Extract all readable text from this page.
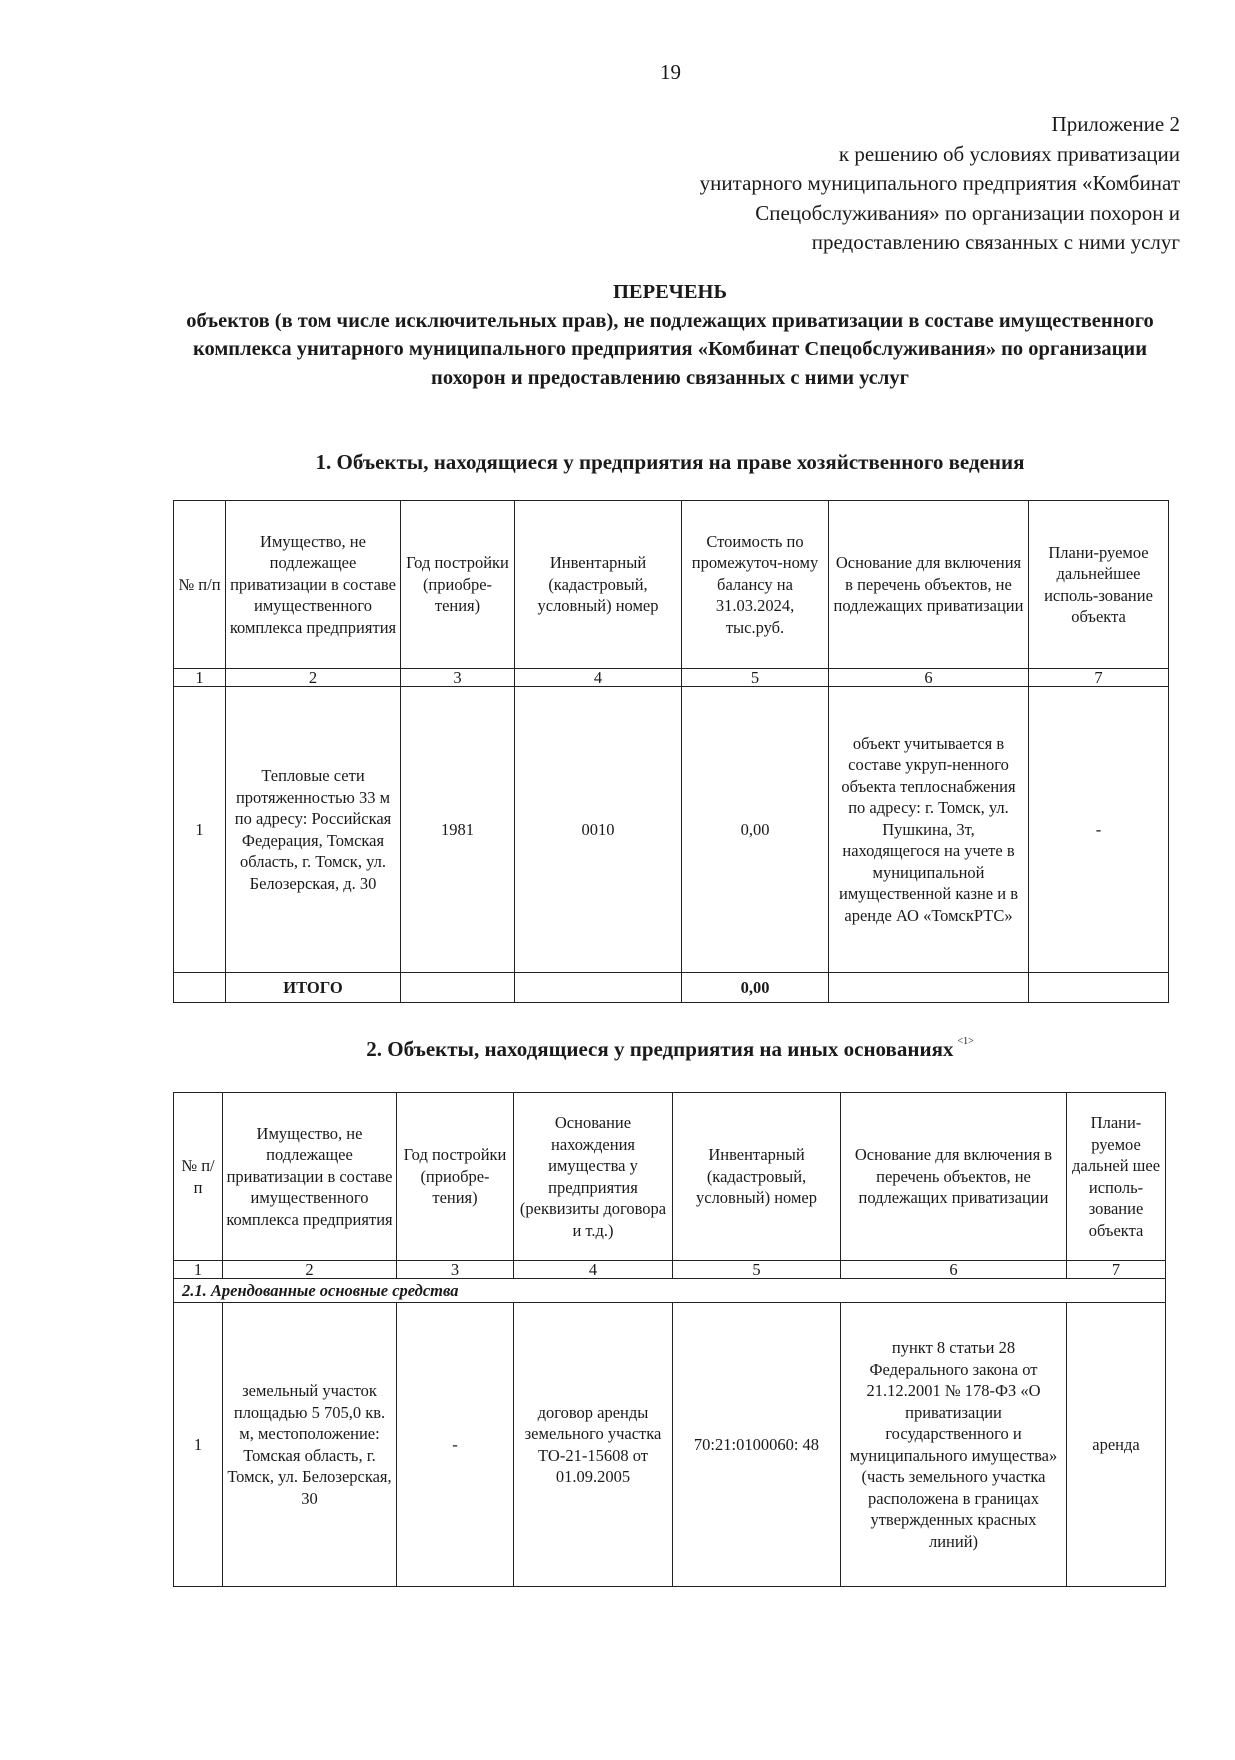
19
Приложение 2
к решению об условиях приватизации
унитарного муниципального предприятия «Комбинат
Спецобслуживания» по организации похорон и
предоставлению связанных с ними услуг
ПЕРЕЧЕНЬ
объектов (в том числе исключительных прав), не подлежащих приватизации в составе имущественного комплекса унитарного муниципального предприятия «Комбинат Спецобслуживания» по организации похорон и предоставлению связанных с ними услуг
1. Объекты, находящиеся у предприятия на праве хозяйственного ведения
№ п/п	Имущество, не подлежащее приватизации в составе имущественного комплекса предприятия	Год постройки (приобре-тения)	Инвентарный (кадастровый, условный) номер	Стоимость по промежуточ-ному балансу на 31.03.2024, тыс.руб.	Основание для включения в перечень объектов, не подлежащих приватизации	Плани-руемое дальнейшее исполь-зование объекта
1	2	3	4	5	6	7
1	Тепловые сети протяженностью 33 м по адресу: Российская Федерация, Томская область, г. Томск, ул. Белозерская, д. 30	1981	0010	0,00	объект учитывается в составе укруп-ненного объекта теплоснабжения по адресу: г. Томск, ул. Пушкина, 3т, находящегося на учете в муниципальной имущественной казне и в аренде АО «ТомскРТС»	-
	ИТОГО			0,00		
2. Объекты, находящиеся у предприятия на иных основаниях $^{<1>}$
№ п/п	Имущество, не подлежащее приватизации в составе имущественного комплекса предприятия	Год постройки (приобре-тения)	Основание нахождения имущества у предприятия (реквизиты договора и т.д.)	Инвентарный (кадастровый, условный) номер	Основание для включения в перечень объектов, не подлежащих приватизации	Плани-руемое дальней шее исполь-зование объекта
1	2	3	4	5	6	7
2.1. Арендованные основные средства						
1	земельный участок площадью 5 705,0 кв. м, местоположение: Томская область, г. Томск, ул. Белозерская, 30	-	договор аренды земельного участка ТО-21-15608 от 01.09.2005	70:21:0100060: 48	пункт 8 статьи 28 Федерального закона от 21.12.2001 № 178-ФЗ «О приватизации государственного и муниципального имущества» (часть земельного участка расположена в границах утвержденных красных линий)	аренда
